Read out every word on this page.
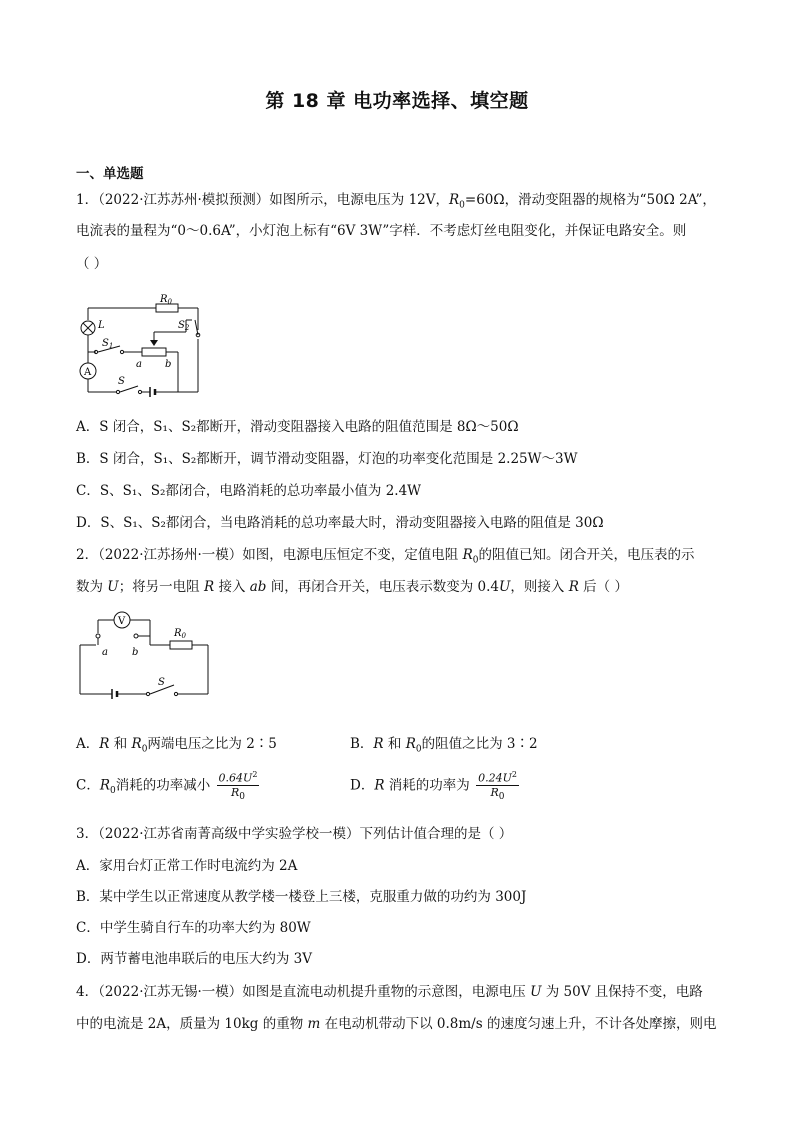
第 18 章 电功率选择、填空题
一、单选题
1．（2022·江苏苏州·模拟预测）如图所示，电源电压为 12V，$R_0=60\Omega$，滑动变阻器的规格为“50Ω 2A”，
电流表的量程为“0～0.6A”，小灯泡上标有“6V 3W”字样．不考虑灯丝电阻变化，并保证电路安全。则
（ ）
$R_0$
$S_2$
L
$S_1$
a b
A
S
A．S 闭合，S₁、S₂都断开，滑动变阻器接入电路的阻值范围是 8Ω～50Ω
B．S 闭合，S₁、S₂都断开，调节滑动变阻器，灯泡的功率变化范围是 2.25W～3W
C．S、S₁、S₂都闭合，电路消耗的总功率最小值为 2.4W
D．S、S₁、S₂都闭合，当电路消耗的总功率最大时，滑动变阻器接入电路的阻值是 30Ω
2．（2022·江苏扬州·一模）如图，电源电压恒定不变，定值电阻 $R_0$的阻值已知。闭合开关，电压表的示
数为 U；将另一电阻 R 接入 ab 间，再闭合开关，电压表示数变为 0.4U，则接入 R 后（ ）
V
a b
$R_0$
S
A．R 和 $R_0$两端电压之比为 2∶5	B．R 和 $R_0$的阻值之比为 3∶2
C．$R_0$消耗的功率减小 $\frac{0.64U^2}{R_0}$	D．R 消耗的功率为 $\frac{0.24U^2}{R_0}$
3．（2022·江苏省南菁高级中学实验学校一模）下列估计值合理的是（ ）
A．家用台灯正常工作时电流约为 2A
B．某中学生以正常速度从教学楼一楼登上三楼，克服重力做的功约为 300J
C．中学生骑自行车的功率大约为 80W
D．两节蓄电池串联后的电压大约为 3V
4．（2022·江苏无锡·一模）如图是直流电动机提升重物的示意图，电源电压 U 为 50V 且保持不变，电路
中的电流是 2A，质量为 10kg 的重物 m 在电动机带动下以 0.8m/s 的速度匀速上升，不计各处摩擦，则电
